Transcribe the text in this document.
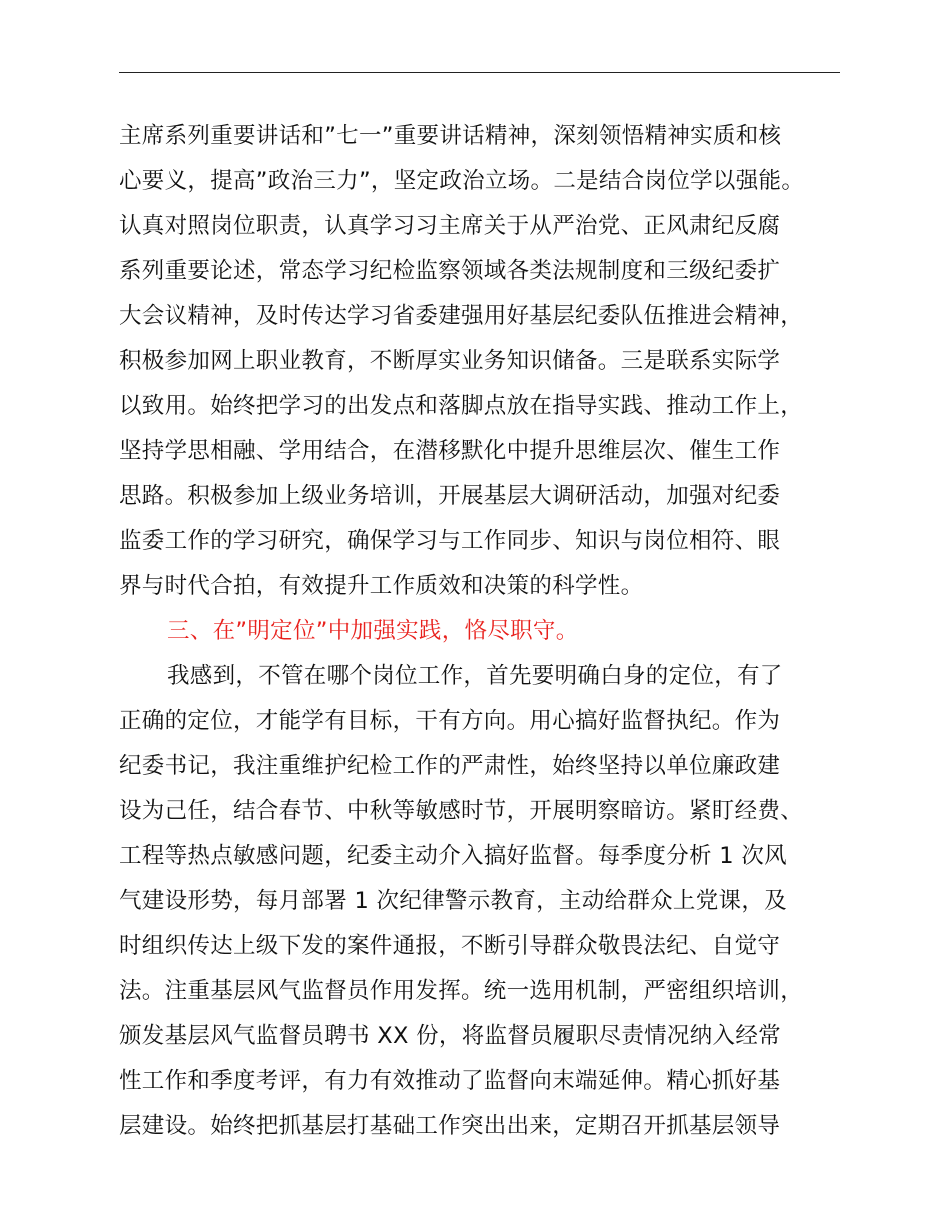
主席系列重要讲话和”七一”重要讲话精神，深刻领悟精神实质和核
心要义，提高”政治三力”，坚定政治立场。二是结合岗位学以强能。
认真对照岗位职责，认真学习习主席关于从严治党、正风肃纪反腐
系列重要论述，常态学习纪检监察领域各类法规制度和三级纪委扩
大会议精神，及时传达学习省委建强用好基层纪委队伍推进会精神，
积极参加网上职业教育，不断厚实业务知识储备。三是联系实际学
以致用。始终把学习的出发点和落脚点放在指导实践、推动工作上，
坚持学思相融、学用结合，在潜移默化中提升思维层次、催生工作
思路。积极参加上级业务培训，开展基层大调研活动，加强对纪委
监委工作的学习研究，确保学习与工作同步、知识与岗位相符、眼
界与时代合拍，有效提升工作质效和决策的科学性。
三、在”明定位”中加强实践，恪尽职守。
我感到，不管在哪个岗位工作，首先要明确白身的定位，有了
正确的定位，才能学有目标，干有方向。用心搞好监督执纪。作为
纪委书记，我注重维护纪检工作的严肃性，始终坚持以单位廉政建
设为己任，结合春节、中秋等敏感时节，开展明察暗访。紧盯经费、
工程等热点敏感问题，纪委主动介入搞好监督。每季度分析 1 次风
气建设形势，每月部署 1 次纪律警示教育，主动给群众上党课，及
时组织传达上级下发的案件通报，不断引导群众敬畏法纪、自觉守
法。注重基层风气监督员作用发挥。统一选用机制，严密组织培训，
颁发基层风气监督员聘书 XX 份，将监督员履职尽责情况纳入经常
性工作和季度考评，有力有效推动了监督向末端延伸。精心抓好基
层建设。始终把抓基层打基础工作突出出来，定期召开抓基层领导
